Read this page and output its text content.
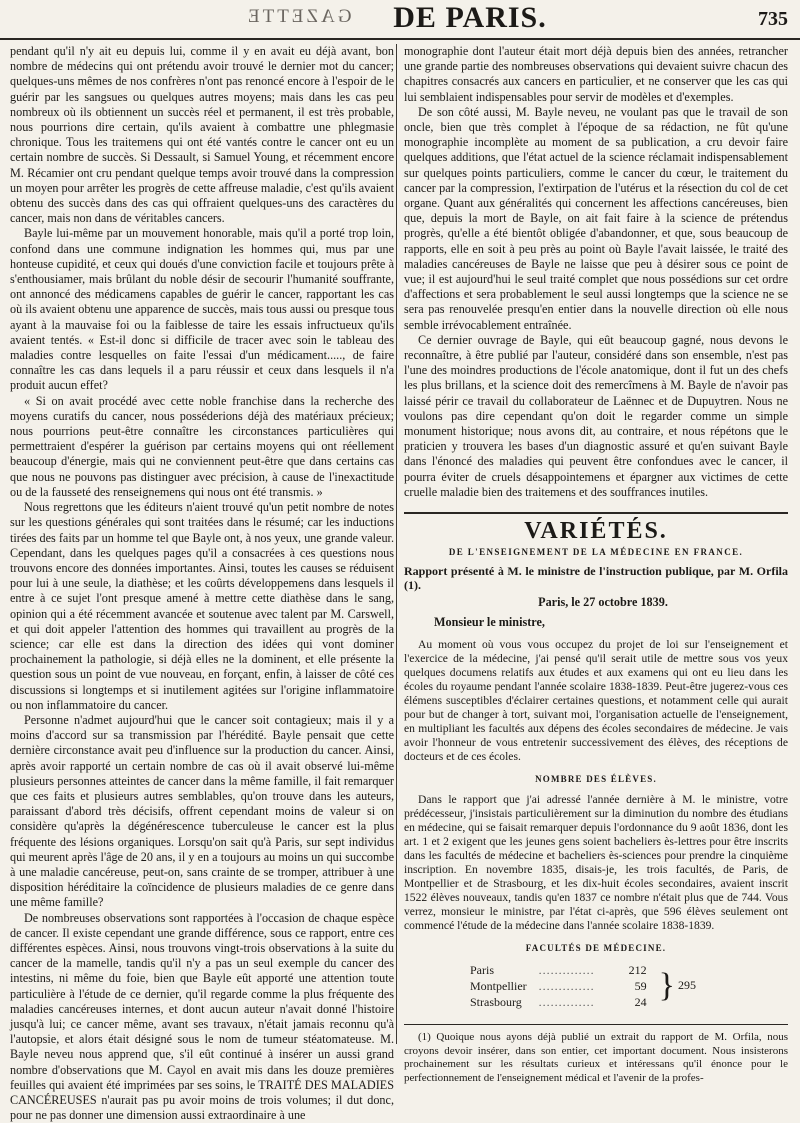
GAZETTE DE PARIS.	735

pendant qu'il n'y ait eu depuis lui, comme il y en avait eu déjà avant, bon nombre de médecins qui ont prétendu avoir trouvé le dernier mot du cancer; quelques-uns mêmes de nos confrères n'ont pas renoncé encore à l'espoir de le guérir par les sangsues ou quelques autres moyens; mais dans les cas peu nombreux où ils obtiennent un succès réel et permanent, il est très probable, nous pourrions dire certain, qu'ils avaient à combattre une phlegmasie chronique. Tous les traitemens qui ont été vantés contre le cancer ont eu un certain nombre de succès. Si Dessault, si Samuel Young, et récemment encore M. Récamier ont cru pendant quelque temps avoir trouvé dans la compression un moyen pour arrêter les progrès de cette affreuse maladie, c'est qu'ils avaient obtenu des succès dans des cas qui offraient quelques-uns des caractères du cancer, mais non dans de véritables cancers.

Bayle lui-même par un mouvement honorable, mais qu'il a porté trop loin, confond dans une commune indignation les hommes qui, mus par une honteuse cupidité, et ceux qui doués d'une conviction facile et toujours prête à s'enthousiamer, mais brûlant du noble désir de secourir l'humanité souffrante, ont annoncé des médicamens capables de guérir le cancer, rapportant les cas où ils avaient obtenu une apparence de succès, mais tous aussi ou presque tous ayant à la mauvaise foi ou la faiblesse de taire les essais infructueux qu'ils avaient tentés. « Est-il donc si difficile de tracer avec soin le tableau des maladies contre lesquelles on faite l'essai d'un médicament....., de faire connaître les cas dans lequels il a paru réussir et ceux dans lesquels il n'a produit aucun effet?

« Si on avait procédé avec cette noble franchise dans la recherche des moyens curatifs du cancer, nous posséderions déjà des matériaux précieux; nous pourrions peut-être connaître les circonstances particulières qui permettraient d'espérer la guérison par certains moyens qui ont réellement beaucoup d'énergie, mais qui ne conviennent peut-être que dans certains cas que nous ne pouvons pas distinguer avec précision, à cause de l'inexactitude ou de la fausseté des renseignemens qui nous ont été transmis. »

Nous regrettons que les éditeurs n'aient trouvé qu'un petit nombre de notes sur les questions générales qui sont traitées dans le résumé; car les inductions tirées des faits par un homme tel que Bayle ont, à nos yeux, une grande valeur. Cependant, dans les quelques pages qu'il a consacrées à ces questions nous trouvons encore des données importantes. Ainsi, toutes les causes se réduisent pour lui à une seule, la diathèse; et les coûrts développemens dans lesquels il entre à ce sujet l'ont presque amené à mettre cette diathèse dans le sang, opinion qui a été récemment avancée et soutenue avec talent par M. Carswell, et qui doit appeler l'attention des hommes qui travaillent au progrès de la science; car elle est dans la direction des idées qui vont dominer prochainement la pathologie, si déjà elles ne la dominent, et elle présente la question sous un point de vue nouveau, en forçant, enfin, à laisser de côté ces discussions si longtemps et si inutilement agitées sur l'origine inflammatoire ou non inflammatoire du cancer.

Personne n'admet aujourd'hui que le cancer soit contagieux; mais il y a moins d'accord sur sa transmission par l'hérédité. Bayle pensait que cette dernière circonstance avait peu d'influence sur la production du cancer. Ainsi, après avoir rapporté un certain nombre de cas où il avait observé lui-même plusieurs personnes atteintes de cancer dans la même famille, il fait remarquer que ces faits et plusieurs autres semblables, qu'on trouve dans les auteurs, paraissant d'abord très décisifs, offrent cependant moins de valeur si on considère qu'après la dégénérescence tuberculeuse le cancer est la plus fréquente des lésions organiques. Lorsqu'on sait qu'à Paris, sur sept individus qui meurent après l'âge de 20 ans, il y en a toujours au moins un qui succombe à une maladie cancéreuse, peut-on, sans crainte de se tromper, attribuer à une disposition héréditaire la coïncidence de plusieurs maladies de ce genre dans une même famille?

De nombreuses observations sont rapportées à l'occasion de chaque espèce de cancer. Il existe cependant une grande différence, sous ce rapport, entre ces différentes espèces. Ainsi, nous trouvons vingt-trois observations à la suite du cancer de la mamelle, tandis qu'il n'y a pas un seul exemple du cancer des intestins, ni même du foie, bien que Bayle eût apporté une attention toute particulière à l'étude de ce dernier, qu'il regarde comme la plus fréquente des maladies cancéreuses internes, et dont aucun auteur n'avait donné l'histoire jusqu'à lui; ce cancer même, avant ses travaux, n'était jamais reconnu qu'à l'autopsie, et alors était désigné sous le nom de tumeur stéatomateuse. M. Bayle neveu nous apprend que, s'il eût continué à insérer un aussi grand nombre d'observations que M. Cayol en avait mis dans les douze premières feuilles qui avaient été imprimées par ses soins, le TRAITÉ DES MALADIES CANCÉREUSES n'aurait pas pu avoir moins de trois volumes; il dut donc, pour ne pas donner une dimension aussi extraordinaire à une

monographie dont l'auteur était mort déjà depuis bien des années, retrancher une grande partie des nombreuses observations qui devaient suivre chacun des chapitres consacrés aux cancers en particulier, et ne conserver que les cas qui lui semblaient indispensables pour servir de modèles et d'exemples.

De son côté aussi, M. Bayle neveu, ne voulant pas que le travail de son oncle, bien que très complet à l'époque de sa rédaction, ne fût qu'une monographie incomplète au moment de sa publication, a cru devoir faire quelques additions, que l'état actuel de la science réclamait indispensablement sur quelques points particuliers, comme le cancer du cœur, le traitement du cancer par la compression, l'extirpation de l'utérus et la résection du col de cet organe. Quant aux généralités qui concernent les affections cancéreuses, bien que, depuis la mort de Bayle, on ait fait faire à la science de prétendus progrès, qu'elle a été bientôt obligée d'abandonner, et que, sous beaucoup de rapports, elle en soit à peu près au point où Bayle l'avait laissée, le traité des maladies cancéreuses de Bayle ne laisse que peu à désirer sous ce point de vue; il est aujourd'hui le seul traité complet que nous possédions sur cet ordre d'affections et sera probablement le seul aussi longtemps que la science ne se sera pas renouvelée presqu'en entier dans la nouvelle direction où elle nous semble irrévocablement entraînée.

Ce dernier ouvrage de Bayle, qui eût beaucoup gagné, nous devons le reconnaître, à être publié par l'auteur, considéré dans son ensemble, n'est pas l'une des moindres productions de l'école anatomique, dont il fut un des chefs les plus brillans, et la science doit des remercîmens à M. Bayle de n'avoir pas laissé périr ce travail du collaborateur de Laënnec et de Dupuytren. Nous ne voulons pas dire cependant qu'on doit le regarder comme un simple monument historique; nous avons dit, au contraire, et nous répétons que le praticien y trouvera les bases d'un diagnostic assuré et qu'en suivant Bayle dans l'énoncé des maladies qui peuvent être confondues avec le cancer, il pourra éviter de cruels désappointemens et épargner aux victimes de cette cruelle maladie bien des traitemens et des souffrances inutiles.

VARIÉTÉS.
DE L'ENSEIGNEMENT DE LA MÉDECINE EN FRANCE.

Rapport présenté à M. le ministre de l'instruction publique, par M. Orfila (1).

Paris, le 27 octobre 1839.

Monsieur le ministre,

Au moment où vous vous occupez du projet de loi sur l'enseignement et l'exercice de la médecine, j'ai pensé qu'il serait utile de mettre sous vos yeux quelques documens relatifs aux études et aux examens qui ont eu lieu dans les écoles du royaume pendant l'année scolaire 1838-1839. Peut-être jugerez-vous ces élémens susceptibles d'éclairer certaines questions, et notamment celle qui aurait pour but de changer à tort, suivant moi, l'organisation actuelle de l'enseignement, en multipliant les facultés aux dépens des écoles secondaires de médecine. Je vais avoir l'honneur de vous entretenir successivement des élèves, des réceptions de docteurs et de ces écoles.

NOMBRE DES ÉLÈVES.

Dans le rapport que j'ai adressé l'année dernière à M. le ministre, votre prédécesseur, j'insistais particulièrement sur la diminution du nombre des étudians en médecine, qui se faisait remarquer depuis l'ordonnance du 9 août 1836, dont les art. 1 et 2 exigent que les jeunes gens soient bacheliers ès-lettres pour être inscrits dans les facultés de médecine et bacheliers ès-sciences pour prendre la cinquième inscription. En novembre 1835, disais-je, les trois facultés, de Paris, de Montpellier et de Strasbourg, et les dix-huit écoles secondaires, avaient inscrit 1522 élèves nouveaux, tandis qu'en 1837 ce nombre n'était plus que de 744. Vous verrez, monsieur le ministre, par l'état ci-après, que 596 élèves seulement ont commencé l'étude de la médecine dans l'année scolaire 1838-1839.

FACULTÉS DE MÉDECINE.
Paris	..............	212	} 295
Montpellier	..............	59	
Strasbourg	..............	24	

(1) Quoique nous ayons déjà publié un extrait du rapport de M. Orfila, nous croyons devoir insérer, dans son entier, cet important document. Nous insisterons prochainement sur les résultats curieux et intéressans qu'il énonce pour le perfectionnement de l'enseignement médical et l'avenir de la profes-
